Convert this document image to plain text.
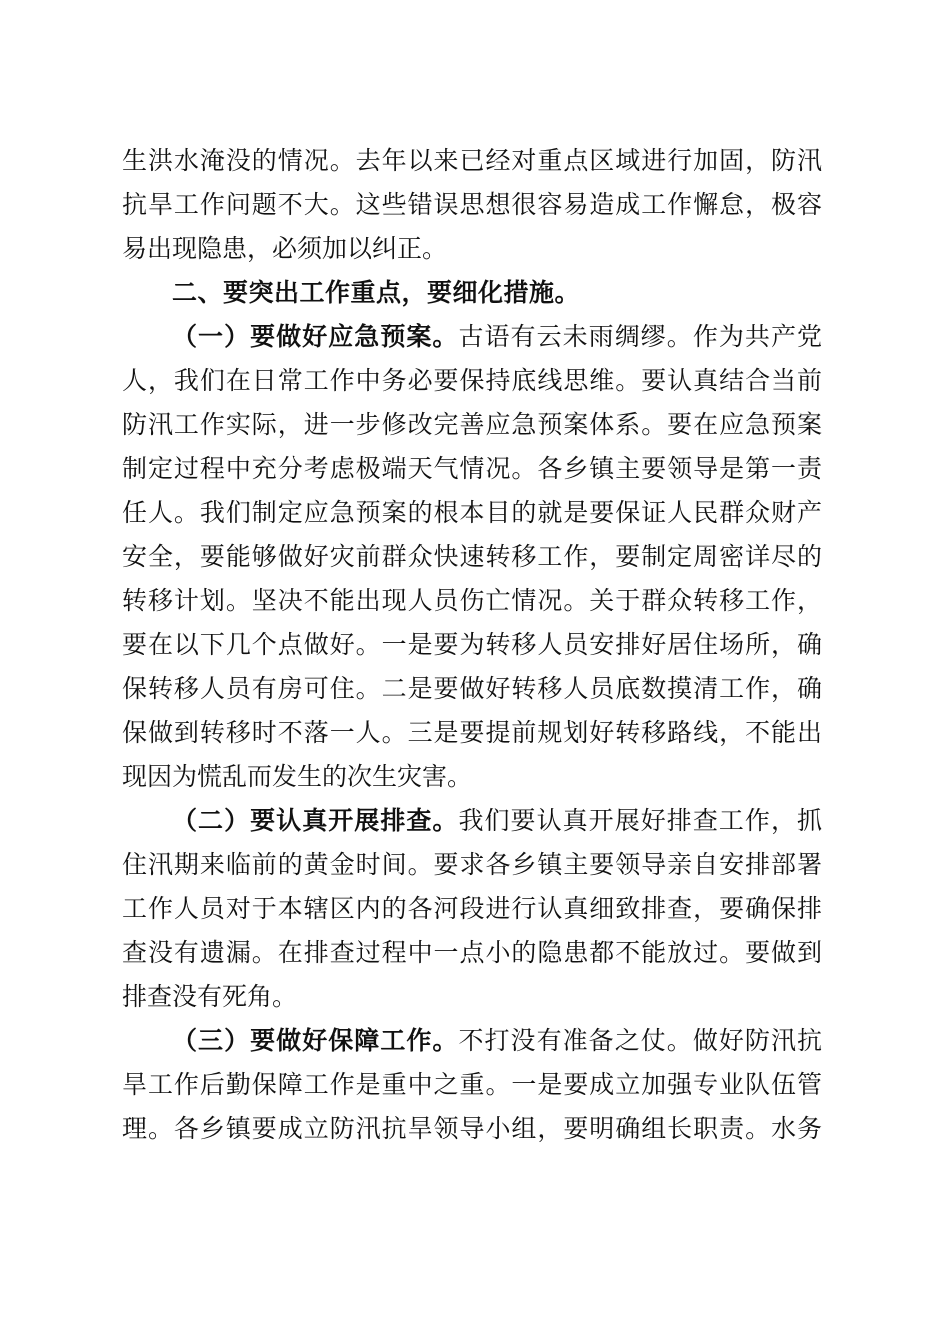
生洪水淹没的情况。去年以来已经对重点区域进行加固，防汛
抗旱工作问题不大。这些错误思想很容易造成工作懈怠，极容
易出现隐患，必须加以纠正。
二、要突出工作重点，要细化措施。
（一）要做好应急预案。古语有云未雨绸缪。作为共产党
人，我们在日常工作中务必要保持底线思维。要认真结合当前
防汛工作实际，进一步修改完善应急预案体系。要在应急预案
制定过程中充分考虑极端天气情况。各乡镇主要领导是第一责
任人。我们制定应急预案的根本目的就是要保证人民群众财产
安全，要能够做好灾前群众快速转移工作，要制定周密详尽的
转移计划。坚决不能出现人员伤亡情况。关于群众转移工作，
要在以下几个点做好。一是要为转移人员安排好居住场所，确
保转移人员有房可住。二是要做好转移人员底数摸清工作，确
保做到转移时不落一人。三是要提前规划好转移路线，不能出
现因为慌乱而发生的次生灾害。
（二）要认真开展排查。我们要认真开展好排查工作，抓
住汛期来临前的黄金时间。要求各乡镇主要领导亲自安排部署
工作人员对于本辖区内的各河段进行认真细致排查，要确保排
查没有遗漏。在排查过程中一点小的隐患都不能放过。要做到
排查没有死角。
（三）要做好保障工作。不打没有准备之仗。做好防汛抗
旱工作后勤保障工作是重中之重。一是要成立加强专业队伍管
理。各乡镇要成立防汛抗旱领导小组，要明确组长职责。水务
